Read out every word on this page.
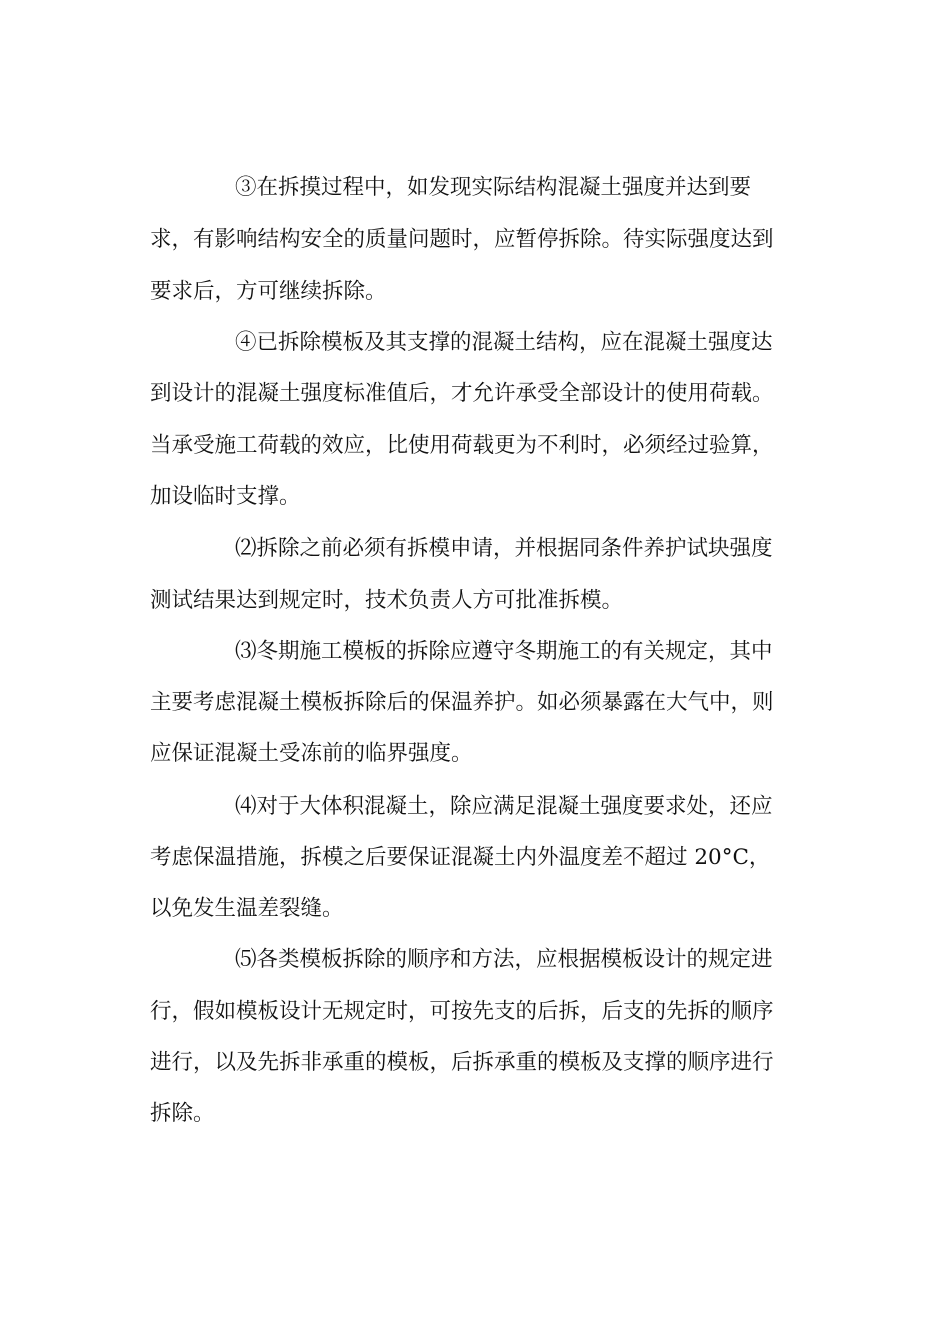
③在拆摸过程中，如发现实际结构混凝土强度并达到要

求，有影响结构安全的质量问题时，应暂停拆除。待实际强度达到

要求后，方可继续拆除。

④已拆除模板及其支撑的混凝土结构，应在混凝土强度达

到设计的混凝土强度标准值后，才允许承受全部设计的使用荷载。

当承受施工荷载的效应，比使用荷载更为不利时，必须经过验算，

加设临时支撑。

⑵拆除之前必须有拆模申请，并根据同条件养护试块强度

测试结果达到规定时，技术负责人方可批准拆模。

⑶冬期施工模板的拆除应遵守冬期施工的有关规定，其中

主要考虑混凝土模板拆除后的保温养护。如必须暴露在大气中，则

应保证混凝土受冻前的临界强度。

⑷对于大体积混凝土，除应满足混凝土强度要求处，还应

考虑保温措施，拆模之后要保证混凝土内外温度差不超过 20°C，

以免发生温差裂缝。

⑸各类模板拆除的顺序和方法，应根据模板设计的规定进

行，假如模板设计无规定时，可按先支的后拆，后支的先拆的顺序

进行，以及先拆非承重的模板，后拆承重的模板及支撑的顺序进行

拆除。
